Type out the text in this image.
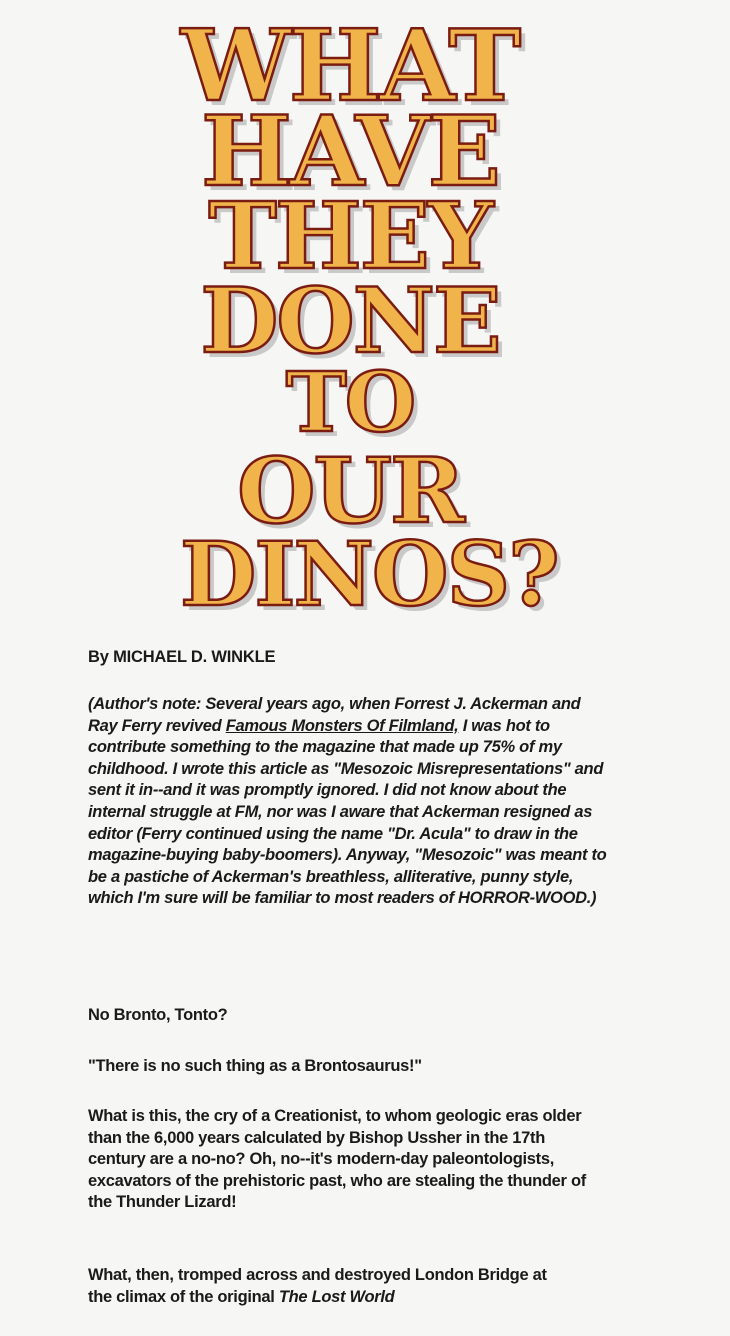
WHAT
HAVE
THEY
DONE
TO
OUR
DINOS?
By MICHAEL D. WINKLE
(Author's note: Several years ago, when Forrest J. Ackerman and Ray Ferry revived Famous Monsters Of Filmland, I was hot to contribute something to the magazine that made up 75% of my childhood. I wrote this article as "Mesozoic Misrepresentations" and sent it in--and it was promptly ignored. I did not know about the internal struggle at FM, nor was I aware that Ackerman resigned as editor (Ferry continued using the name "Dr. Acula" to draw in the magazine-buying baby-boomers). Anyway, "Mesozoic" was meant to be a pastiche of Ackerman's breathless, alliterative, punny style, which I'm sure will be familiar to most readers of HORROR-WOOD.)
No Bronto, Tonto?
"There is no such thing as a Brontosaurus!"
What is this, the cry of a Creationist, to whom geologic eras older than the 6,000 years calculated by Bishop Ussher in the 17th century are a no-no? Oh, no--it's modern-day paleontologists, excavators of the prehistoric past, who are stealing the thunder of the Thunder Lizard!
What, then, tromped across and destroyed London Bridge at the climax of the original The Lost World
